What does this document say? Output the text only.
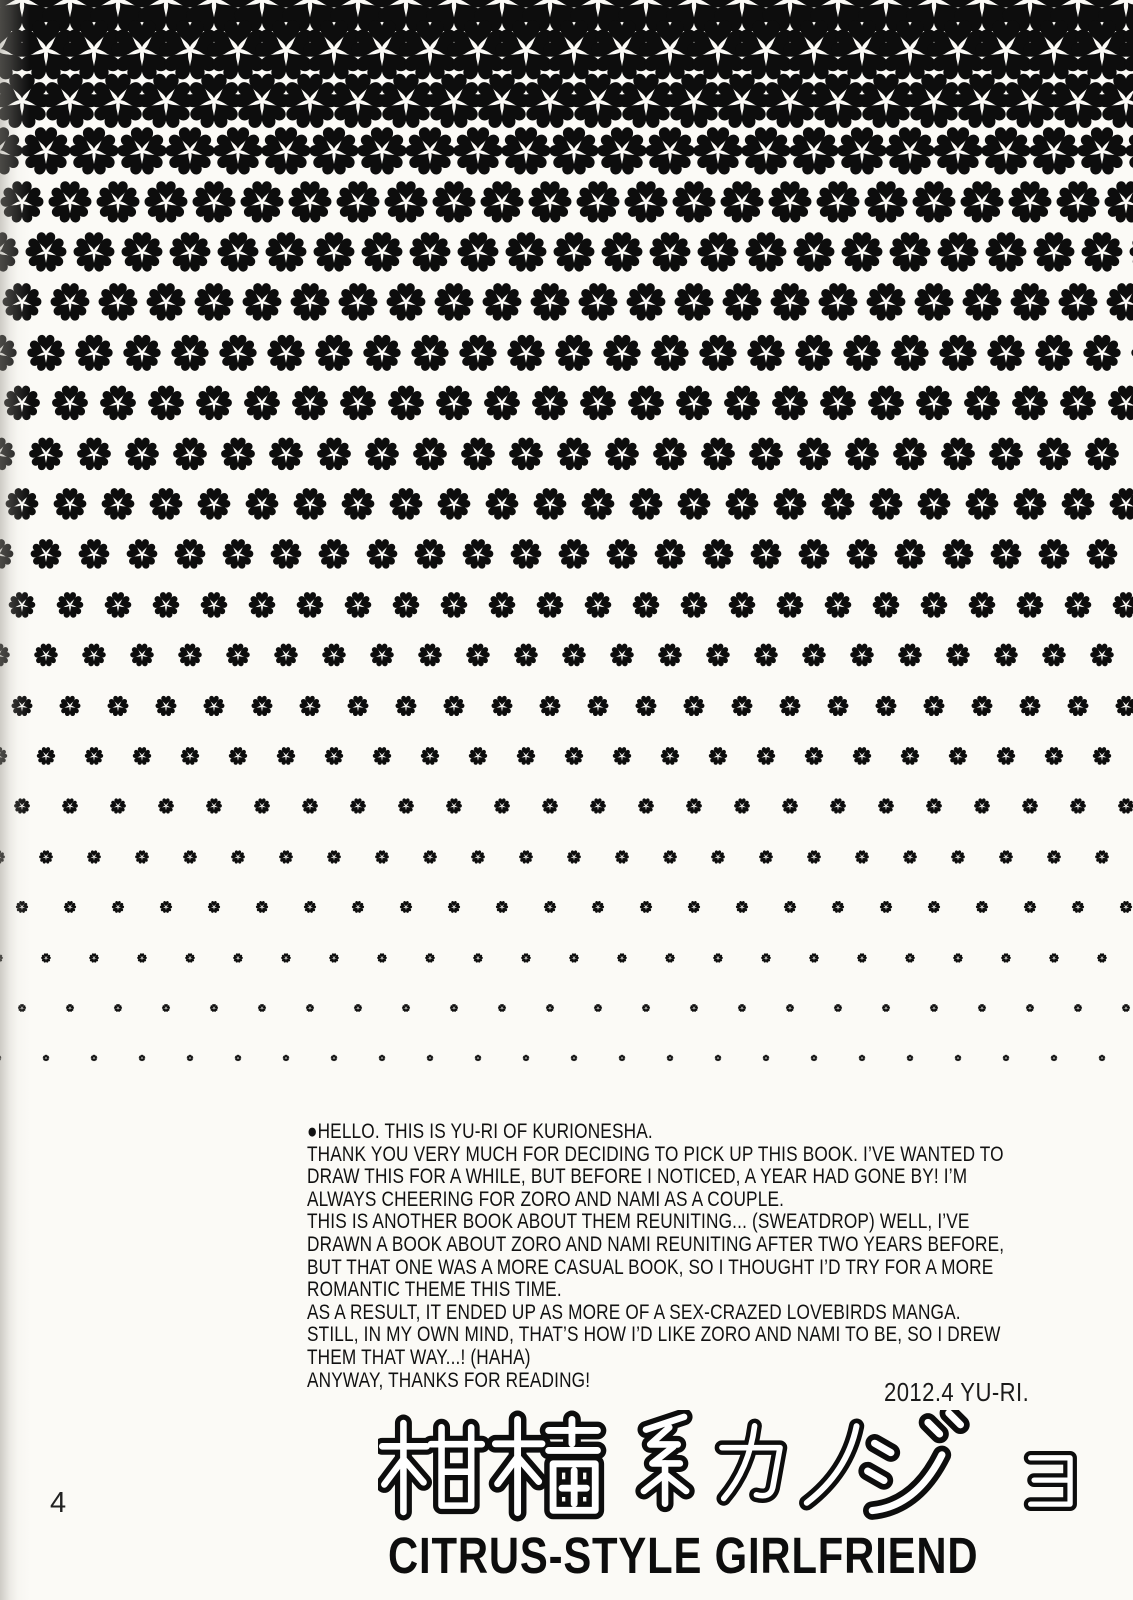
●HELLO. THIS IS YU-RI OF KURIONESHA.
THANK YOU VERY MUCH FOR DECIDING TO PICK UP THIS BOOK. I’VE WANTED TO
DRAW THIS FOR A WHILE, BUT BEFORE I NOTICED, A YEAR HAD GONE BY! I’M
ALWAYS CHEERING FOR ZORO AND NAMI AS A COUPLE.
THIS IS ANOTHER BOOK ABOUT THEM REUNITING... (SWEATDROP) WELL, I’VE
DRAWN A BOOK ABOUT ZORO AND NAMI REUNITING AFTER TWO YEARS BEFORE,
BUT THAT ONE WAS A MORE CASUAL BOOK, SO I THOUGHT I’D TRY FOR A MORE
ROMANTIC THEME THIS TIME.
AS A RESULT, IT ENDED UP AS MORE OF A SEX-CRAZED LOVEBIRDS MANGA.
STILL, IN MY OWN MIND, THAT’S HOW I’D LIKE ZORO AND NAMI TO BE, SO I DREW
THEM THAT WAY...! (HAHA)
ANYWAY, THANKS FOR READING!	2012.4 YU-RI.
CITRUS-STYLE GIRLFRIEND
4
